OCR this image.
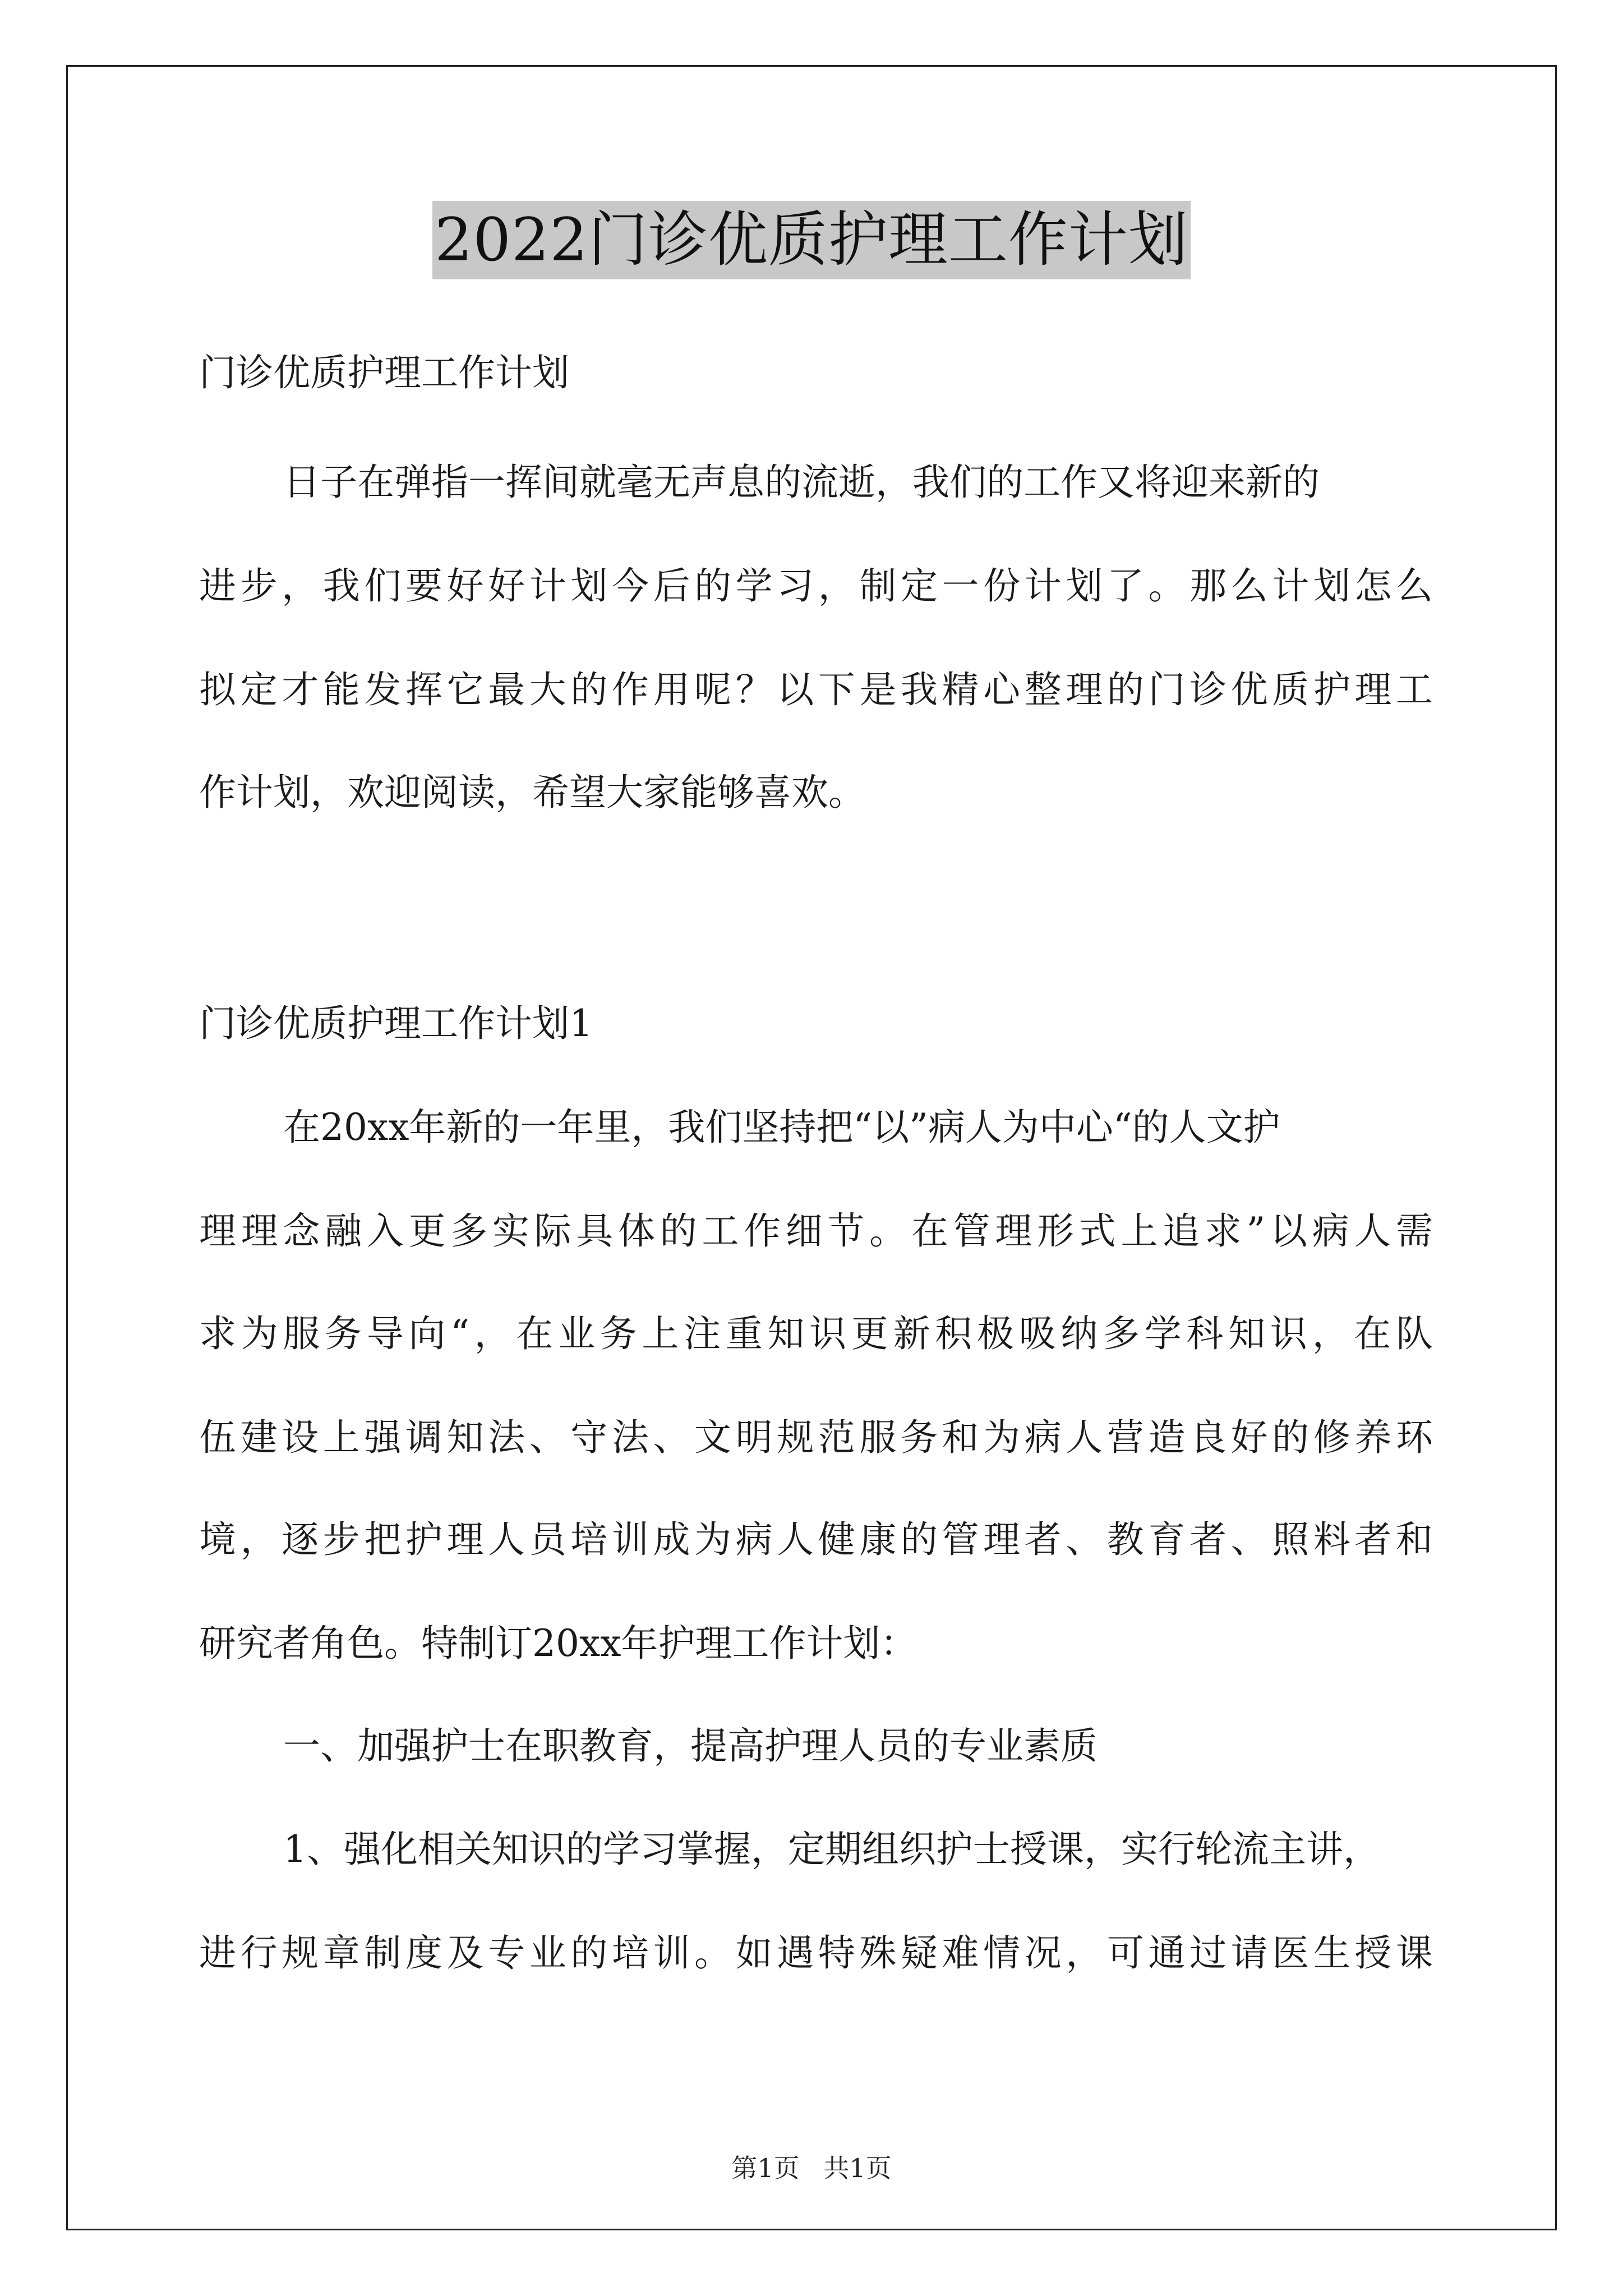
2022门诊优质护理工作计划
门诊优质护理工作计划
日子在弹指一挥间就毫无声息的流逝，我们的工作又将迎来新的
进步，我们要好好计划今后的学习，制定一份计划了。那么计划怎么
拟定才能发挥它最大的作用呢？以下是我精心整理的门诊优质护理工
作计划，欢迎阅读，希望大家能够喜欢。
门诊优质护理工作计划1
在20xx年新的一年里，我们坚持把“以”病人为中心“的人文护
理理念融入更多实际具体的工作细节。在管理形式上追求”以病人需
求为服务导向“，在业务上注重知识更新积极吸纳多学科知识，在队
伍建设上强调知法、守法、文明规范服务和为病人营造良好的修养环
境，逐步把护理人员培训成为病人健康的管理者、教育者、照料者和
研究者角色。特制订20xx年护理工作计划：
一、加强护士在职教育，提高护理人员的专业素质
1、强化相关知识的学习掌握，定期组织护士授课，实行轮流主讲，
进行规章制度及专业的培训。如遇特殊疑难情况，可通过请医生授课
第1页 共1页
